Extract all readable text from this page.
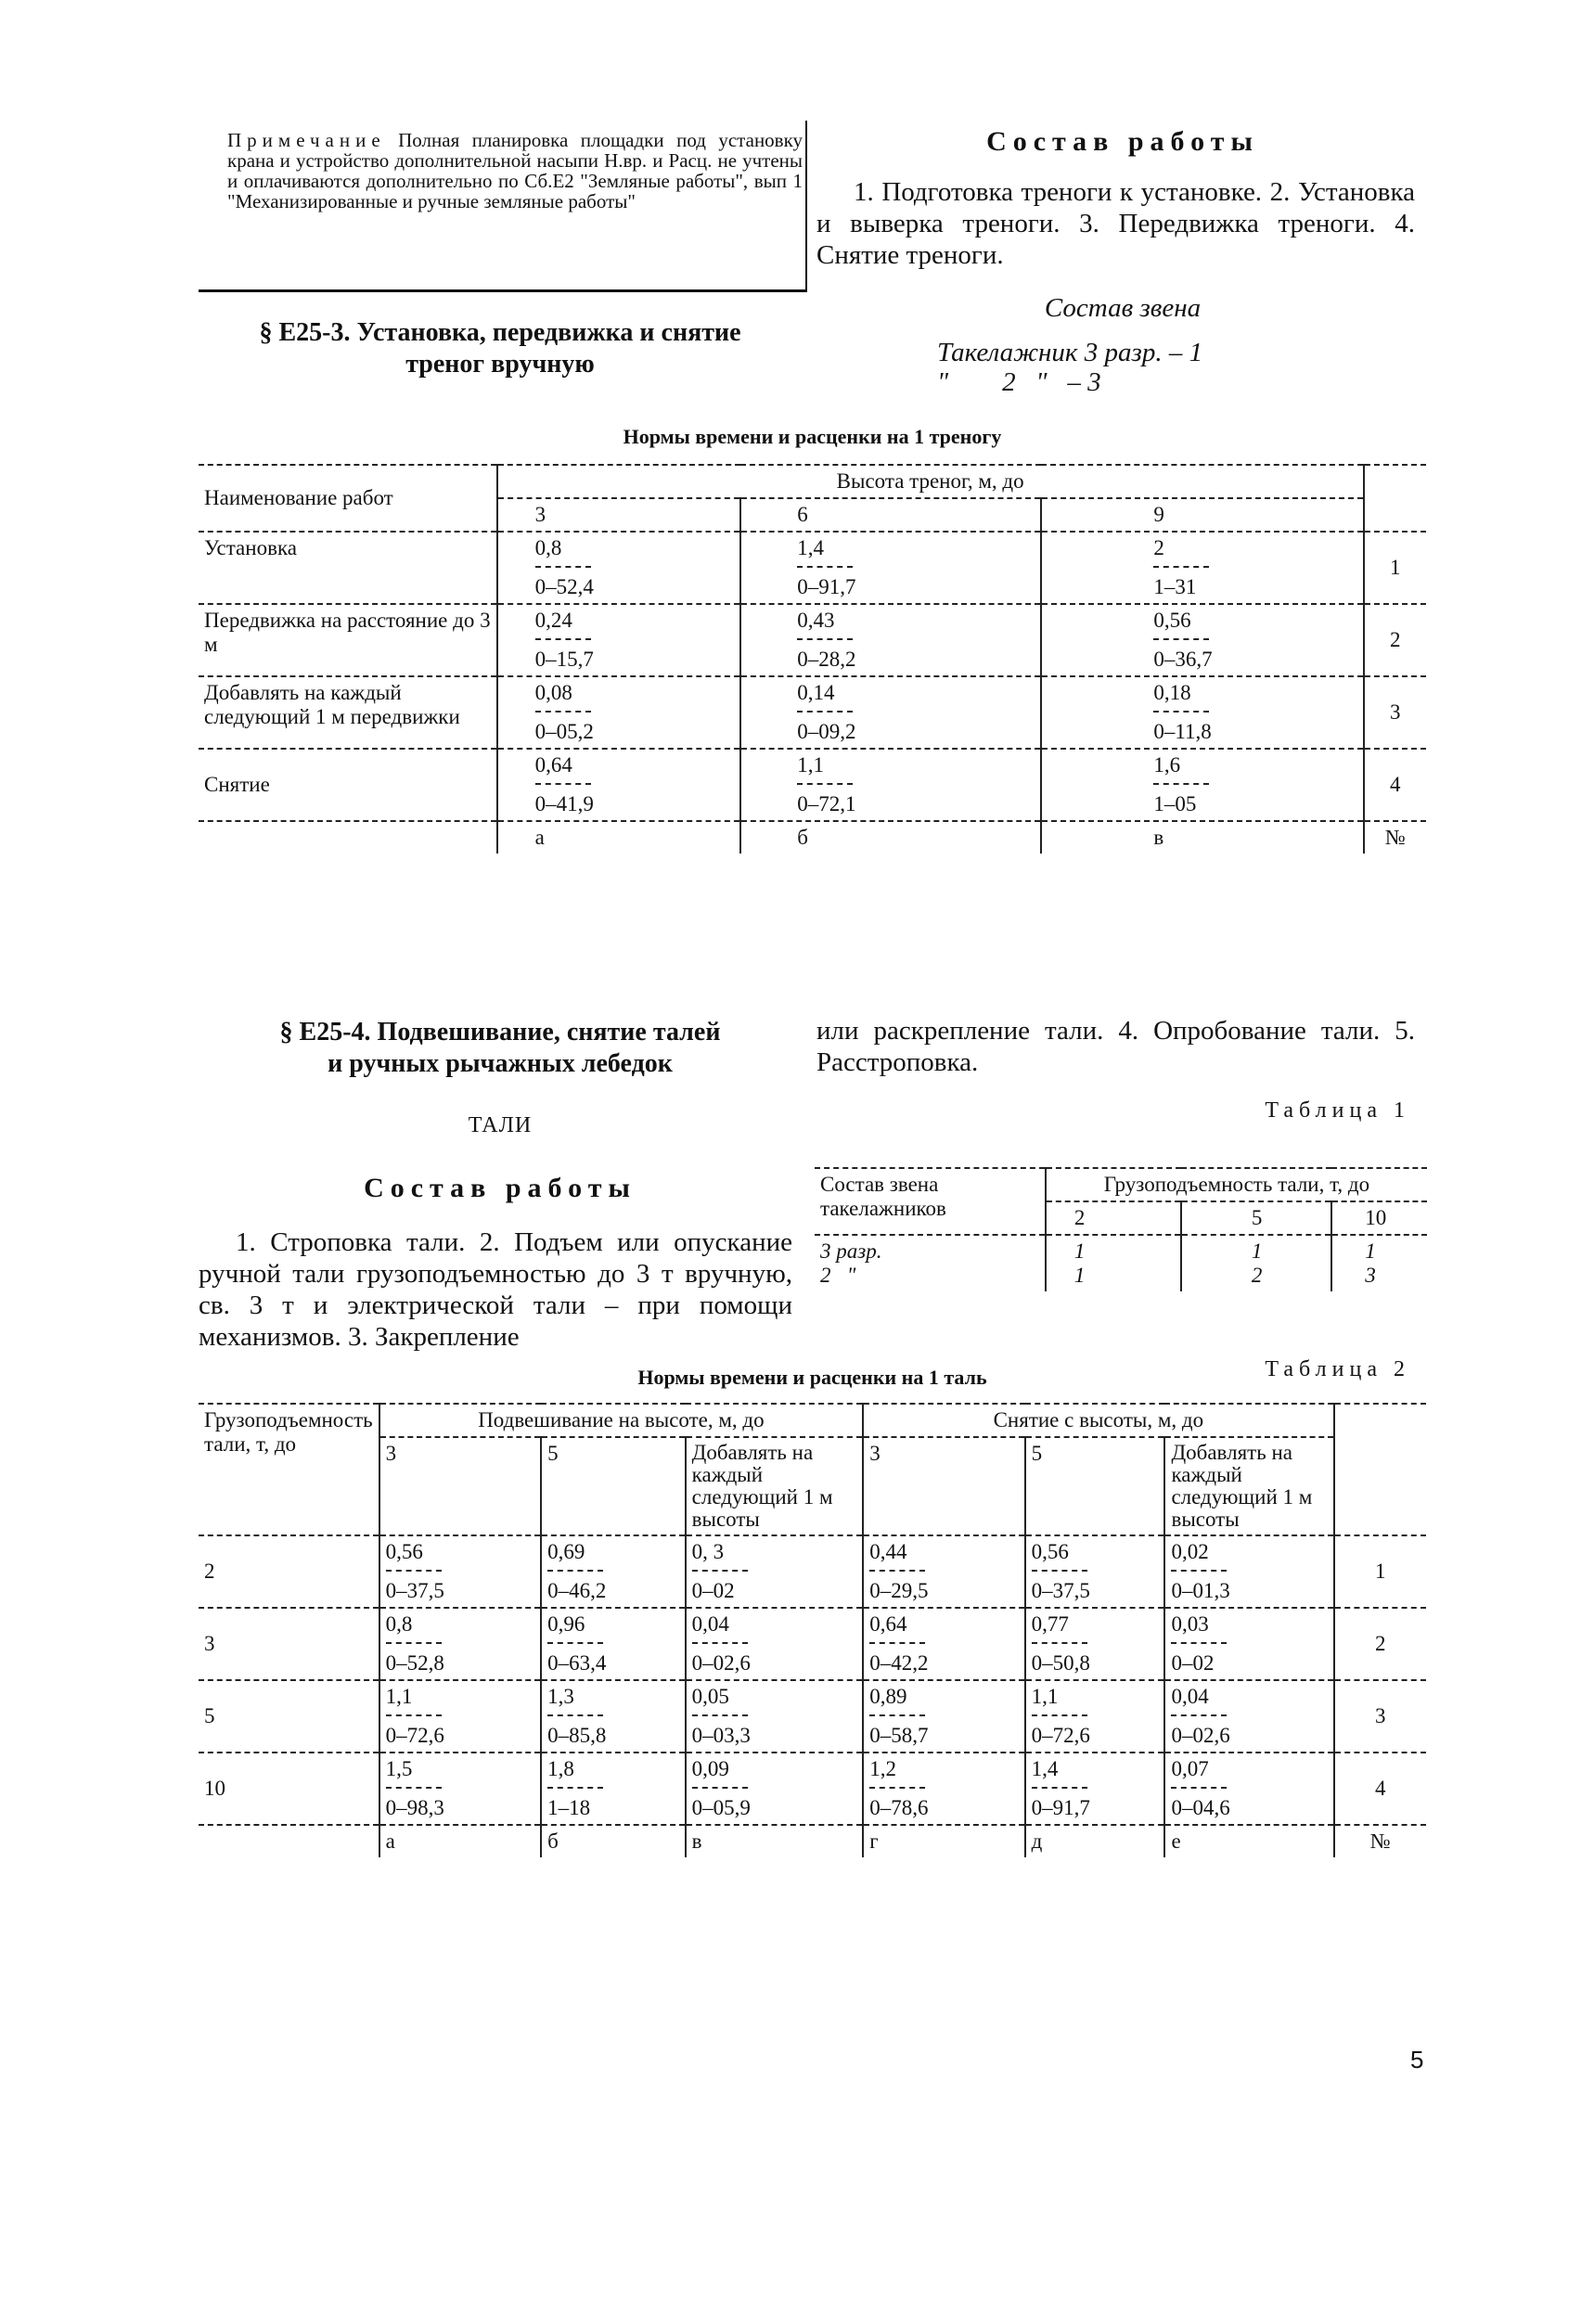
Примечание Полная планировка площадки под установку крана и устройство дополнительной насыпи Н.вр. и Расц. не учтены и оплачиваются дополнительно по Сб.Е2 "Земляные работы", вып 1 "Механизированные и ручные земляные работы"
§ Е25-3. Установка, передвижка и снятие
треног вручную
Состав работы
1. Подготовка треноги к установке. 2. Установка и выверка треноги. 3. Передвижка треноги. 4. Снятие треноги.
Состав звена
Такелажник 3 разр. – 1
"        2   "   – 3
Нормы времени и расценки на 1 треногу
Наименование работ	Высота треног, м, до			
	3	6	9	
Установка	$\frac{0,8}{0-52,4}$	$\frac{1,4}{0-91,7}$	$\frac{2}{1-31}$	1
Передвижка на расстояние до 3 м	$\frac{0,24}{0-15,7}$	$\frac{0,43}{0-28,2}$	$\frac{0,56}{0-36,7}$	2
Добавлять на каждый следующий 1 м передвижки	$\frac{0,08}{0-05,2}$	$\frac{0,14}{0-09,2}$	$\frac{0,18}{0-11,8}$	3
Снятие	$\frac{0,64}{0-41,9}$	$\frac{1,1}{0-72,1}$	$\frac{1,6}{1-05}$	4
	а	б	в	№
§ Е25-4. Подвешивание, снятие талей
и ручных рычажных лебедок
или раскрепление тали. 4. Опробование тали. 5. Расстроповка.
ТАЛИ
Состав работы
1. Строповка тали. 2. Подъем или опускание ручной тали грузоподъемностью до 3 т вручную, св. 3 т и электрической тали – при помощи механизмов. 3. Закрепление
Таблица 1
Состав звена такелажников	Грузоподъемность тали, т, до		
	2	5	10
3 разр.	1	1	1
2   "	1	2	3
Таблица 2
Нормы времени и расценки на 1 таль
Грузоподъемность тали, т, до	Подвешивание на высоте, м, до			Снятие с высоты, м, до			
	3	5	Добавлять на каждый следующий 1 м высоты	3	5	Добавлять на каждый следующий 1 м высоты	
2	$\frac{0,56}{0-37,5}$	$\frac{0,69}{0-46,2}$	$\frac{0, 3}{0-02}$	$\frac{0,44}{0-29,5}$	$\frac{0,56}{0-37,5}$	$\frac{0,02}{0-01,3}$	1
3	$\frac{0,8}{0-52,8}$	$\frac{0,96}{0-63,4}$	$\frac{0,04}{0-02,6}$	$\frac{0,64}{0-42,2}$	$\frac{0,77}{0-50,8}$	$\frac{0,03}{0-02}$	2
5	$\frac{1,1}{0-72,6}$	$\frac{1,3}{0-85,8}$	$\frac{0,05}{0-03,3}$	$\frac{0,89}{0-58,7}$	$\frac{1,1}{0-72,6}$	$\frac{0,04}{0-02,6}$	3
10	$\frac{1,5}{0-98,3}$	$\frac{1,8}{1-18}$	$\frac{0,09}{0-05,9}$	$\frac{1,2}{0-78,6}$	$\frac{1,4}{0-91,7}$	$\frac{0,07}{0-04,6}$	4
	а	б	в	г	д	е	№
5
